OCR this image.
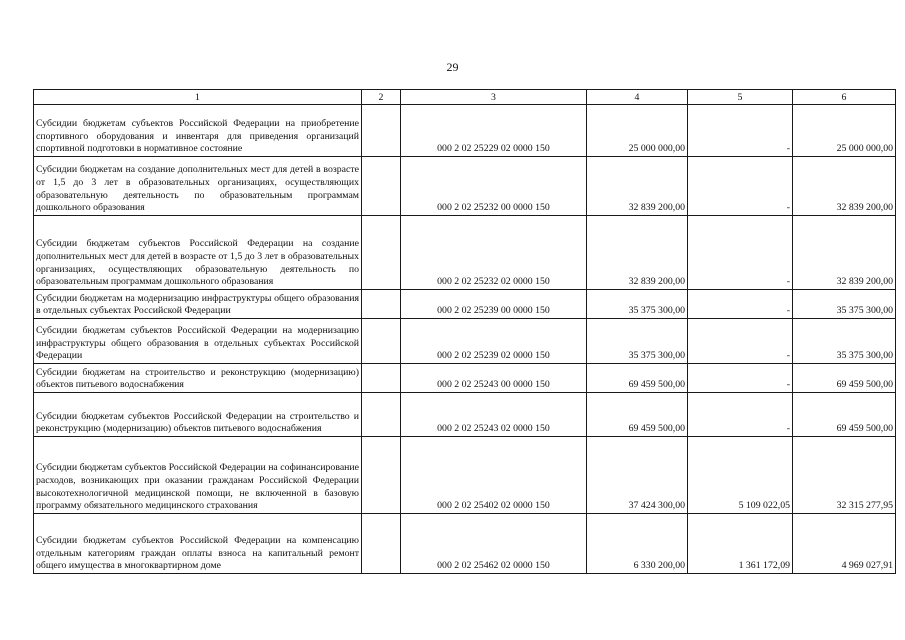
29
1	2	3	4	5	6
Субсидии бюджетам субъектов Российской Федерации на приобретение спортивного оборудования и инвентаря для приведения организаций спортивной подготовки в нормативное состояние		000 2 02 25229 02 0000 150	25 000 000,00	-	25 000 000,00
Субсидии бюджетам на создание дополнительных мест для детей в возрасте от 1,5 до 3 лет в образовательных организациях, осуществляющих образовательную деятельность по образовательным программам дошкольного образования		000 2 02 25232 00 0000 150	32 839 200,00	-	32 839 200,00
Субсидии бюджетам субъектов Российской Федерации на создание дополнительных мест для детей в возрасте от 1,5 до 3 лет в образовательных организациях, осуществляющих образовательную деятельность по образовательным программам дошкольного образования		000 2 02 25232 02 0000 150	32 839 200,00	-	32 839 200,00
Субсидии бюджетам на модернизацию инфраструктуры общего образования в отдельных субъектах Российской Федерации		000 2 02 25239 00 0000 150	35 375 300,00	-	35 375 300,00
Субсидии бюджетам субъектов Российской Федерации на модернизацию инфраструктуры общего образования в отдельных субъектах Российской Федерации		000 2 02 25239 02 0000 150	35 375 300,00	-	35 375 300,00
Субсидии бюджетам на строительство и реконструкцию (модернизацию) объектов питьевого водоснабжения		000 2 02 25243 00 0000 150	69 459 500,00	-	69 459 500,00
Субсидии бюджетам субъектов Российской Федерации на строительство и реконструкцию (модернизацию) объектов питьевого водоснабжения		000 2 02 25243 02 0000 150	69 459 500,00	-	69 459 500,00
Субсидии бюджетам субъектов Российской Федерации на софинансирование расходов, возникающих при оказании гражданам Российской Федерации высокотехнологичной медицинской помощи, не включенной в базовую программу обязательного медицинского страхования		000 2 02 25402 02 0000 150	37 424 300,00	5 109 022,05	32 315 277,95
Субсидии бюджетам субъектов Российской Федерации на компенсацию отдельным категориям граждан оплаты взноса на капитальный ремонт общего имущества в многоквартирном доме		000 2 02 25462 02 0000 150	6 330 200,00	1 361 172,09	4 969 027,91
